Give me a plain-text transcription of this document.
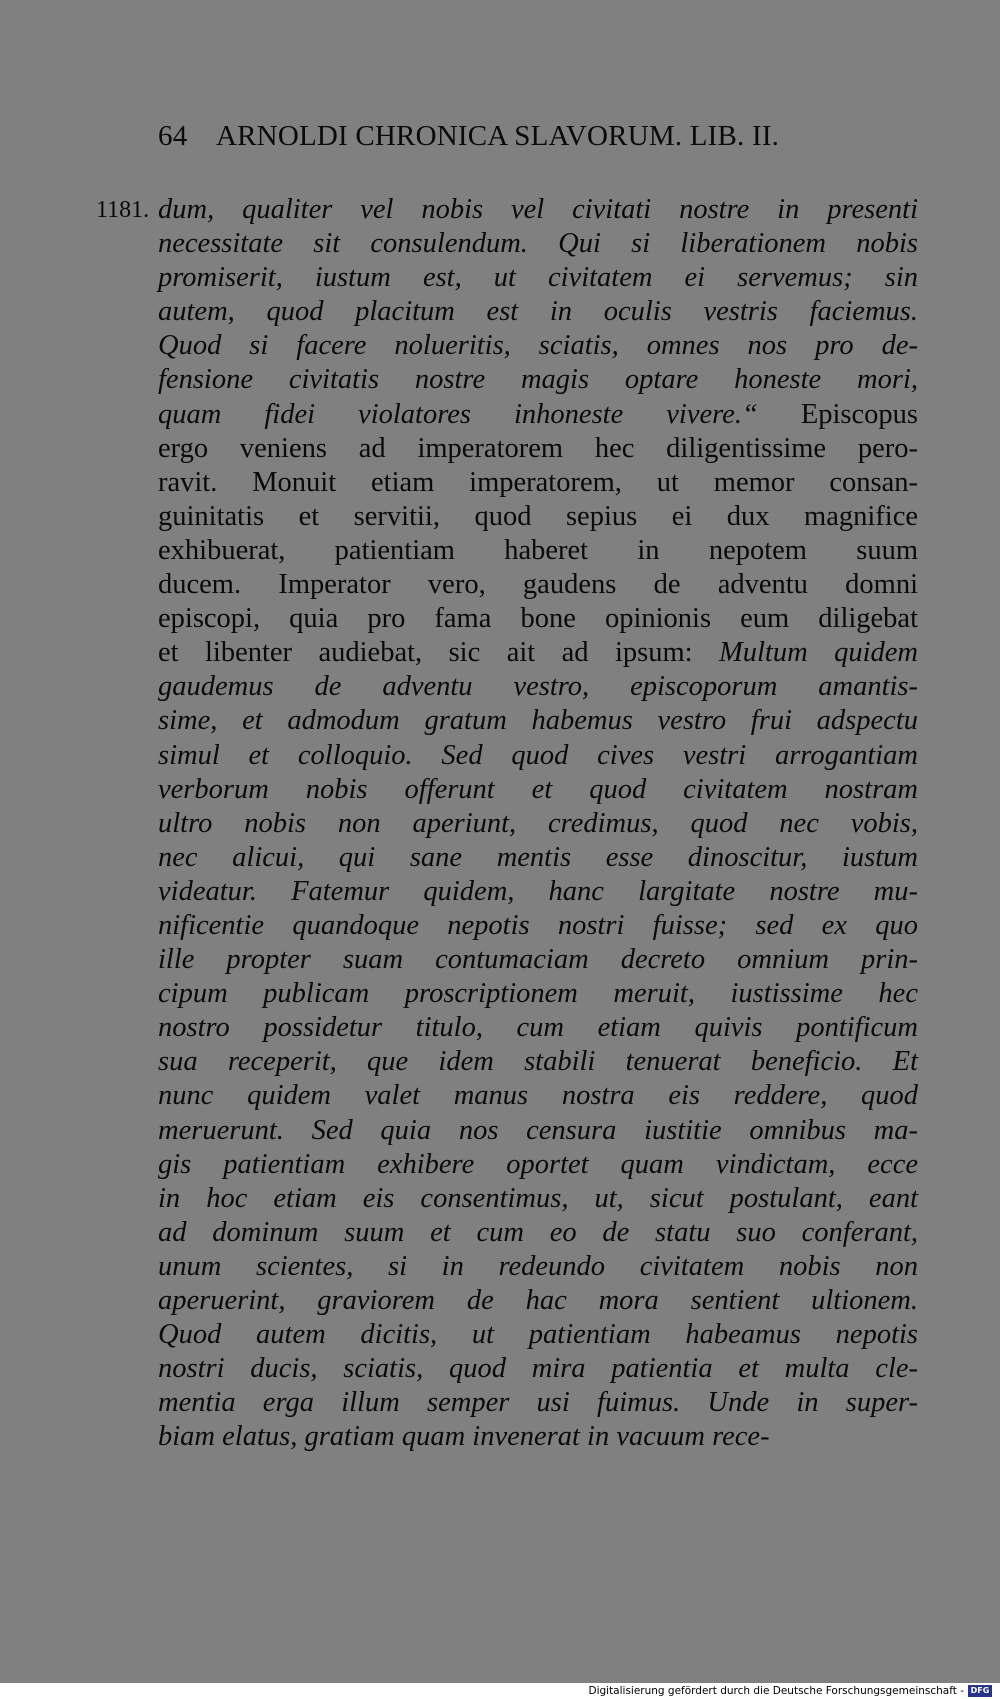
64 ARNOLDI CHRONICA SLAVORUM. LIB. II.
1181. dum, qualiter vel nobis vel civitati nostre in presenti
necessitate sit consulendum. Qui si liberationem nobis
promiserit, iustum est, ut civitatem ei servemus; sin
autem, quod placitum est in oculis vestris faciemus.
Quod si facere nolueritis, sciatis, omnes nos pro de-
fensione civitatis nostre magis optare honeste mori,
quam fidei violatores inhoneste vivere.“ Episcopus
ergo veniens ad imperatorem hec diligentissime pero-
ravit. Monuit etiam imperatorem, ut memor consan-
guinitatis et servitii, quod sepius ei dux magnifice
exhibuerat, patientiam haberet in nepotem suum
ducem. Imperator vero, gaudens de adventu domni
episcopi, quia pro fama bone opinionis eum diligebat
et libenter audiebat, sic ait ad ipsum: Multum quidem
gaudemus de adventu vestro, episcoporum amantis-
sime, et admodum gratum habemus vestro frui adspectu
simul et colloquio. Sed quod cives vestri arrogantiam
verborum nobis offerunt et quod civitatem nostram
ultro nobis non aperiunt, credimus, quod nec vobis,
nec alicui, qui sane mentis esse dinoscitur, iustum
videatur. Fatemur quidem, hanc largitate nostre mu-
nificentie quandoque nepotis nostri fuisse; sed ex quo
ille propter suam contumaciam decreto omnium prin-
cipum publicam proscriptionem meruit, iustissime hec
nostro possidetur titulo, cum etiam quivis pontificum
sua receperit, que idem stabili tenuerat beneficio. Et
nunc quidem valet manus nostra eis reddere, quod
meruerunt. Sed quia nos censura iustitie omnibus ma-
gis patientiam exhibere oportet quam vindictam, ecce
in hoc etiam eis consentimus, ut, sicut postulant, eant
ad dominum suum et cum eo de statu suo conferant,
unum scientes, si in redeundo civitatem nobis non
aperuerint, graviorem de hac mora sentient ultionem.
Quod autem dicitis, ut patientiam habeamus nepotis
nostri ducis, sciatis, quod mira patientia et multa cle-
mentia erga illum semper usi fuimus. Unde in super-
biam elatus, gratiam quam invenerat in vacuum rece-
Digitalisierung gefördert durch die Deutsche Forschungsgemeinschaft - DFG
